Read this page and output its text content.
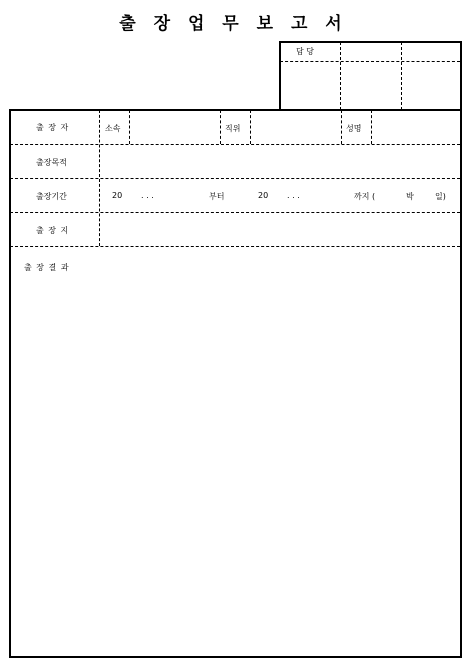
출 장 업 무 보 고 서
담 당
출 장 자	소속	직위	성명
출장목적
출장기간	20 . . .	부터	20 . . .	까지 (	박	일)
출 장 지
출 장 결 과
